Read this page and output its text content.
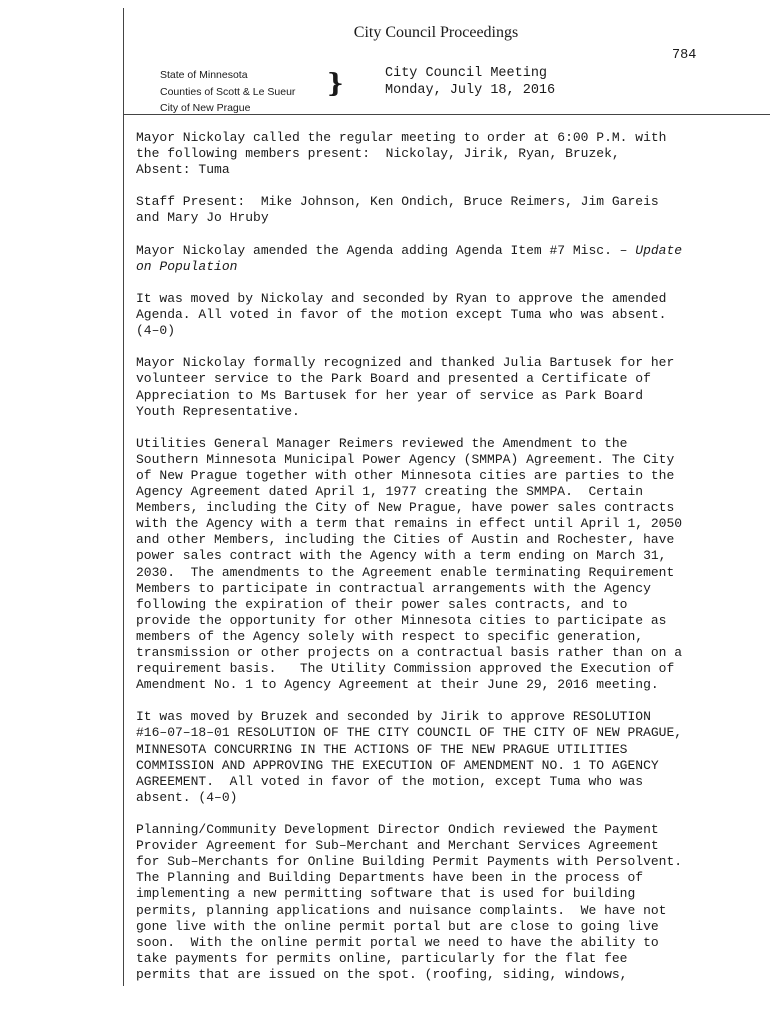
City Council Proceedings
784
State of Minnesota
Counties of Scott & Le Sueur
City of New Prague
}	City Council Meeting
Monday, July 18, 2016

Mayor Nickolay called the regular meeting to order at 6:00 P.M. with
the following members present:  Nickolay, Jirik, Ryan, Bruzek,
Absent: Tuma

Staff Present:  Mike Johnson, Ken Ondich, Bruce Reimers, Jim Gareis
and Mary Jo Hruby

Mayor Nickolay amended the Agenda adding Agenda Item #7 Misc. – Update
on Population

It was moved by Nickolay and seconded by Ryan to approve the amended
Agenda. All voted in favor of the motion except Tuma who was absent.
(4–0)

Mayor Nickolay formally recognized and thanked Julia Bartusek for her
volunteer service to the Park Board and presented a Certificate of
Appreciation to Ms Bartusek for her year of service as Park Board
Youth Representative.

Utilities General Manager Reimers reviewed the Amendment to the
Southern Minnesota Municipal Power Agency (SMMPA) Agreement. The City
of New Prague together with other Minnesota cities are parties to the
Agency Agreement dated April 1, 1977 creating the SMMPA.  Certain
Members, including the City of New Prague, have power sales contracts
with the Agency with a term that remains in effect until April 1, 2050
and other Members, including the Cities of Austin and Rochester, have
power sales contract with the Agency with a term ending on March 31,
2030.  The amendments to the Agreement enable terminating Requirement
Members to participate in contractual arrangements with the Agency
following the expiration of their power sales contracts, and to
provide the opportunity for other Minnesota cities to participate as
members of the Agency solely with respect to specific generation,
transmission or other projects on a contractual basis rather than on a
requirement basis.   The Utility Commission approved the Execution of
Amendment No. 1 to Agency Agreement at their June 29, 2016 meeting.

It was moved by Bruzek and seconded by Jirik to approve RESOLUTION
#16–07–18–01 RESOLUTION OF THE CITY COUNCIL OF THE CITY OF NEW PRAGUE,
MINNESOTA CONCURRING IN THE ACTIONS OF THE NEW PRAGUE UTILITIES
COMMISSION AND APPROVING THE EXECUTION OF AMENDMENT NO. 1 TO AGENCY
AGREEMENT.  All voted in favor of the motion, except Tuma who was
absent. (4–0)

Planning/Community Development Director Ondich reviewed the Payment
Provider Agreement for Sub–Merchant and Merchant Services Agreement
for Sub–Merchants for Online Building Permit Payments with Persolvent.
The Planning and Building Departments have been in the process of
implementing a new permitting software that is used for building
permits, planning applications and nuisance complaints.  We have not
gone live with the online permit portal but are close to going live
soon.  With the online permit portal we need to have the ability to
take payments for permits online, particularly for the flat fee
permits that are issued on the spot. (roofing, siding, windows,
